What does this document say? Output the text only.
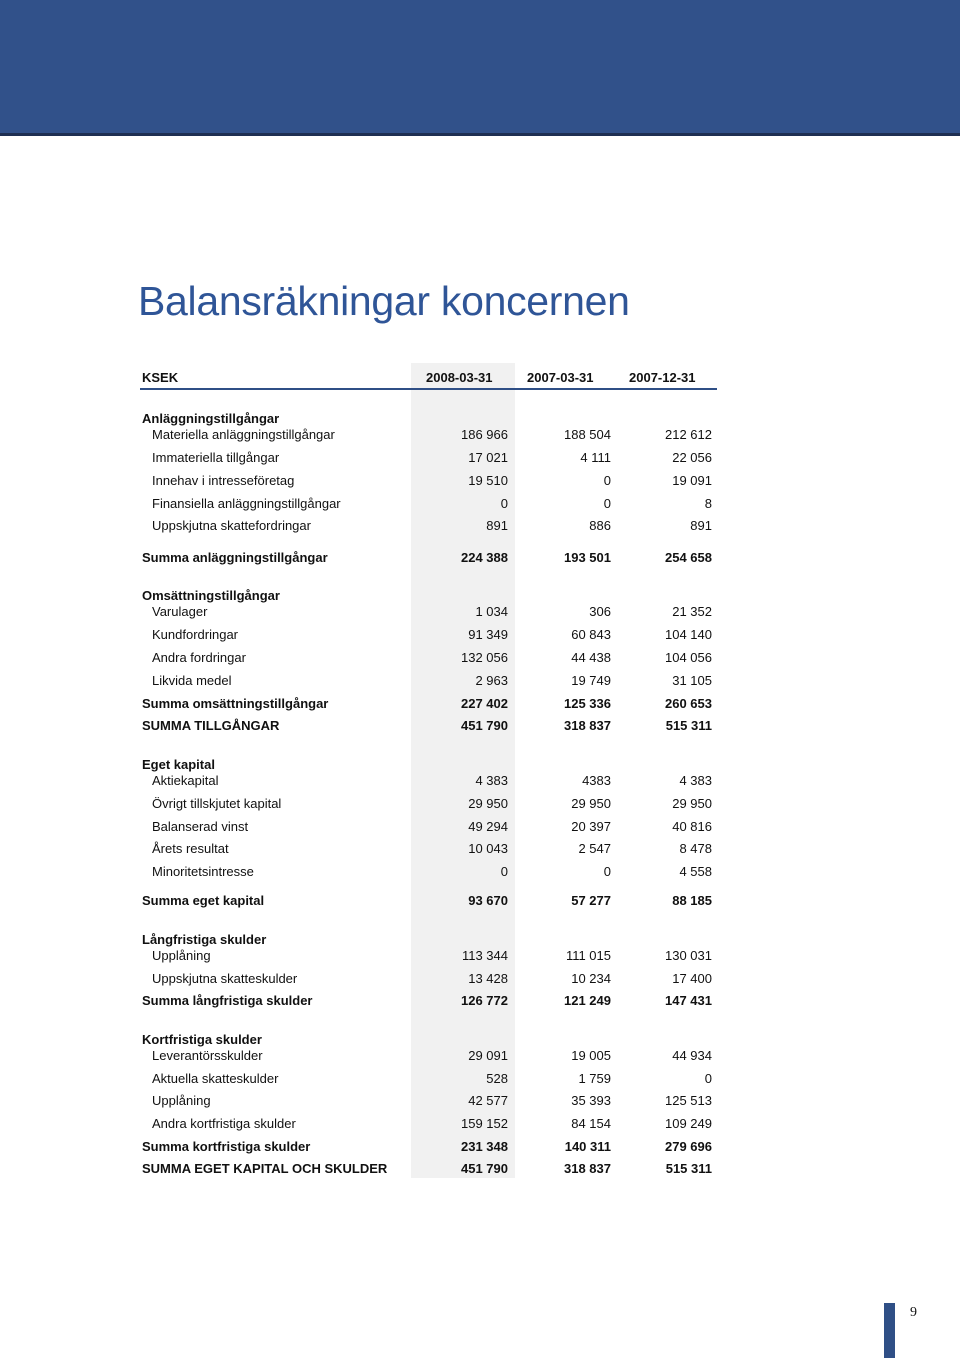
Balansräkningar koncernen
KSEK	2008-03-31	2007-03-31	2007-12-31
Anläggningstillgångar
Materiella anläggningstillgångar	186 966	188 504	212 612
Immateriella tillgångar	17 021	4 111	22 056
Innehav i intresseföretag	19 510	0	19 091
Finansiella anläggningstillgångar	0	0	8
Uppskjutna skattefordringar	891	886	891
Summa anläggningstillgångar	224 388	193 501	254 658
Omsättningstillgångar
Varulager	1 034	306	21 352
Kundfordringar	91 349	60 843	104 140
Andra fordringar	132 056	44 438	104 056
Likvida medel	2 963	19 749	31 105
Summa omsättningstillgångar	227 402	125 336	260 653
SUMMA TILLGÅNGAR	451 790	318 837	515 311
Eget kapital
Aktiekapital	4 383	4383	4 383
Övrigt tillskjutet kapital	29 950	29 950	29 950
Balanserad vinst	49 294	20 397	40 816
Årets resultat	10 043	2 547	8 478
Minoritetsintresse	0	0	4 558
Summa eget kapital	93 670	57 277	88 185
Långfristiga skulder
Upplåning	113 344	111 015	130 031
Uppskjutna skatteskulder	13 428	10 234	17 400
Summa långfristiga skulder	126 772	121 249	147 431
Kortfristiga skulder
Leverantörsskulder	29 091	19 005	44 934
Aktuella skatteskulder	528	1 759	0
Upplåning	42 577	35 393	125 513
Andra kortfristiga skulder	159 152	84 154	109 249
Summa kortfristiga skulder	231 348	140 311	279 696
SUMMA EGET KAPITAL OCH SKULDER	451 790	318 837	515 311
9
